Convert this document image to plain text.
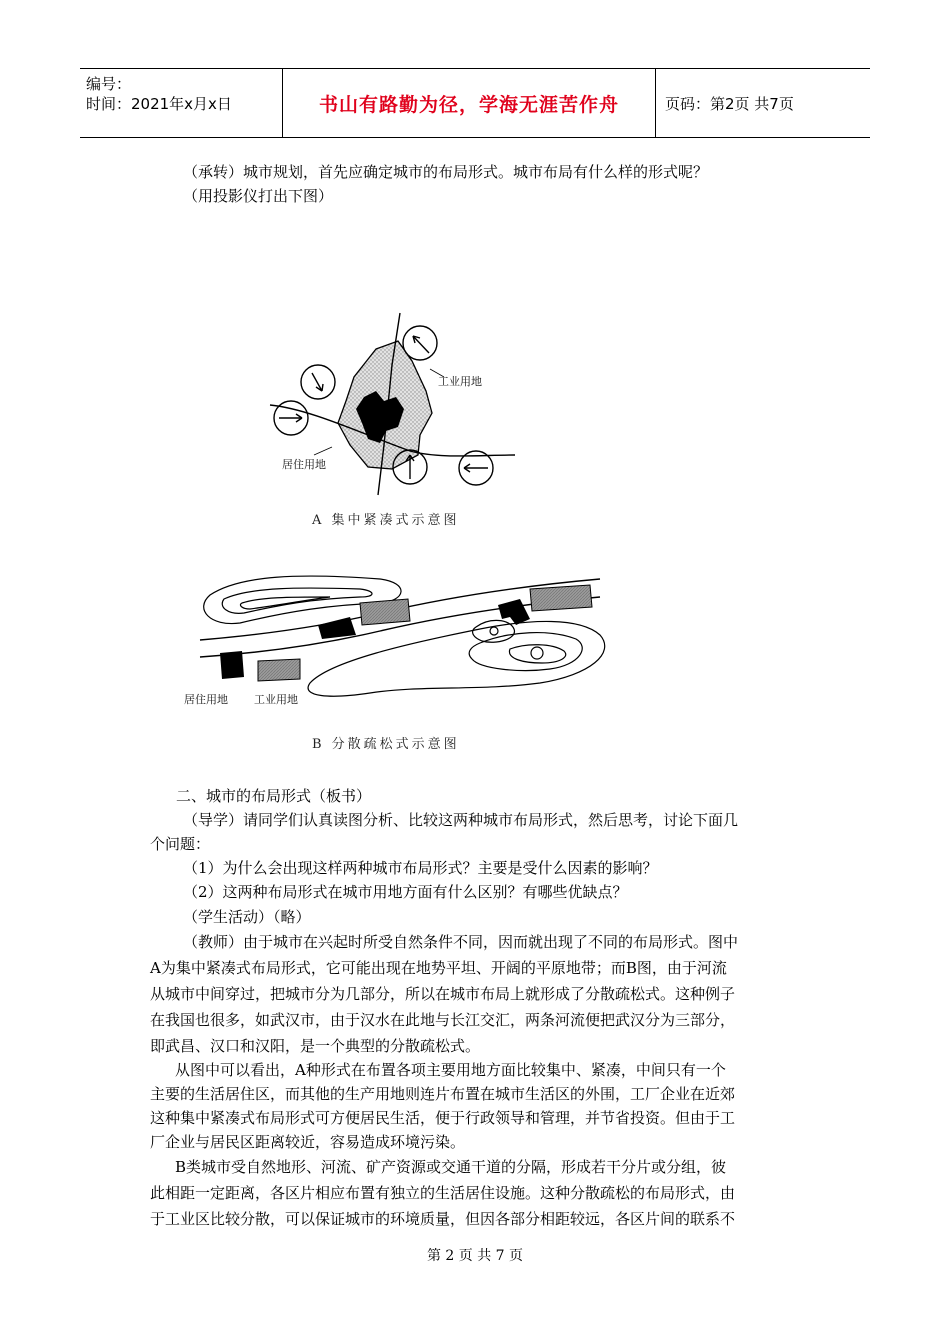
编号：
时间：2021年x月x日	书山有路勤为径，学海无涯苦作舟	页码：第2页 共7页
（承转）城市规划，首先应确定城市的布局形式。城市布局有什么样的形式呢？
（用投影仪打出下图）
工业用地
居住用地
A 集中紧凑式示意图
居住用地 工业用地
B 分散疏松式示意图
二、城市的布局形式（板书）
（导学）请同学们认真读图分析、比较这两种城市布局形式，然后思考，讨论下面几
个问题：
（1）为什么会出现这样两种城市布局形式？主要是受什么因素的影响？
（2）这两种布局形式在城市用地方面有什么区别？有哪些优缺点？
（学生活动）（略）
（教师）由于城市在兴起时所受自然条件不同，因而就出现了不同的布局形式。图中
A为集中紧凑式布局形式，它可能出现在地势平坦、开阔的平原地带；而B图，由于河流
从城市中间穿过，把城市分为几部分，所以在城市布局上就形成了分散疏松式。这种例子
在我国也很多，如武汉市，由于汉水在此地与长江交汇，两条河流便把武汉分为三部分，
即武昌、汉口和汉阳，是一个典型的分散疏松式。
从图中可以看出，A种形式在布置各项主要用地方面比较集中、紧凑，中间只有一个
主要的生活居住区，而其他的生产用地则连片布置在城市生活区的外围，工厂企业在近郊
这种集中紧凑式布局形式可方便居民生活，便于行政领导和管理，并节省投资。但由于工
厂企业与居民区距离较近，容易造成环境污染。
B类城市受自然地形、河流、矿产资源或交通干道的分隔，形成若干分片或分组，彼
此相距一定距离，各区片相应布置有独立的生活居住设施。这种分散疏松的布局形式，由
于工业区比较分散，可以保证城市的环境质量，但因各部分相距较远，各区片间的联系不
第 2 页 共 7 页
